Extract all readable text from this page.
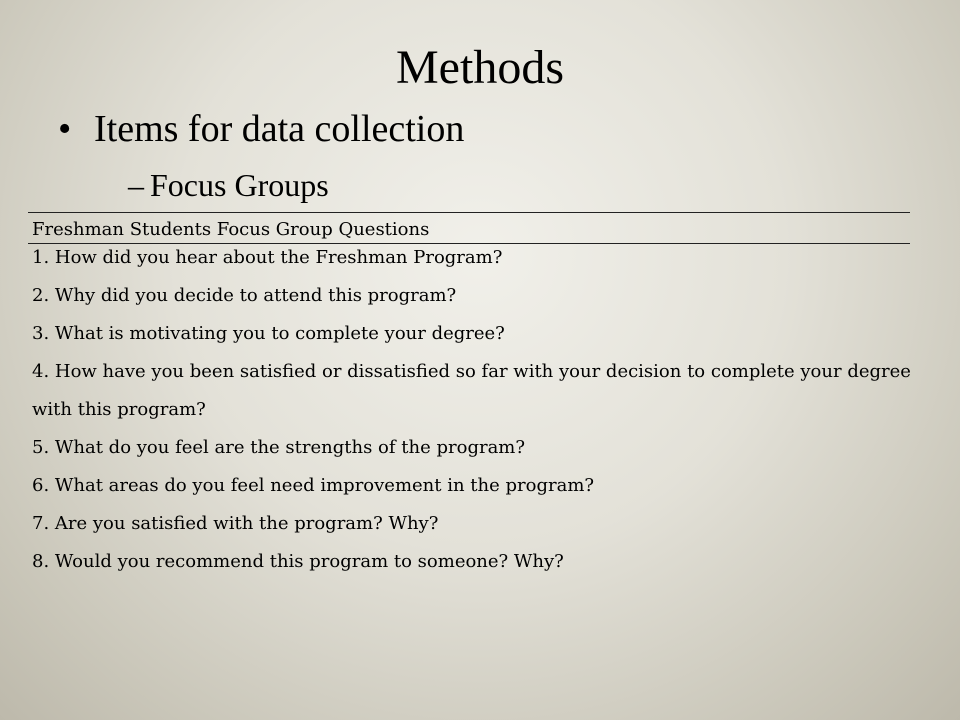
Methods
• Items for data collection
– Focus Groups
Freshman Students Focus Group Questions
1. How did you hear about the Freshman Program?
2. Why did you decide to attend this program?
3. What is motivating you to complete your degree?
4. How have you been satisfied or dissatisfied so far with your decision to complete your degree
with this program?
5. What do you feel are the strengths of the program?
6. What areas do you feel need improvement in the program?
7. Are you satisfied with the program? Why?
8. Would you recommend this program to someone? Why?
